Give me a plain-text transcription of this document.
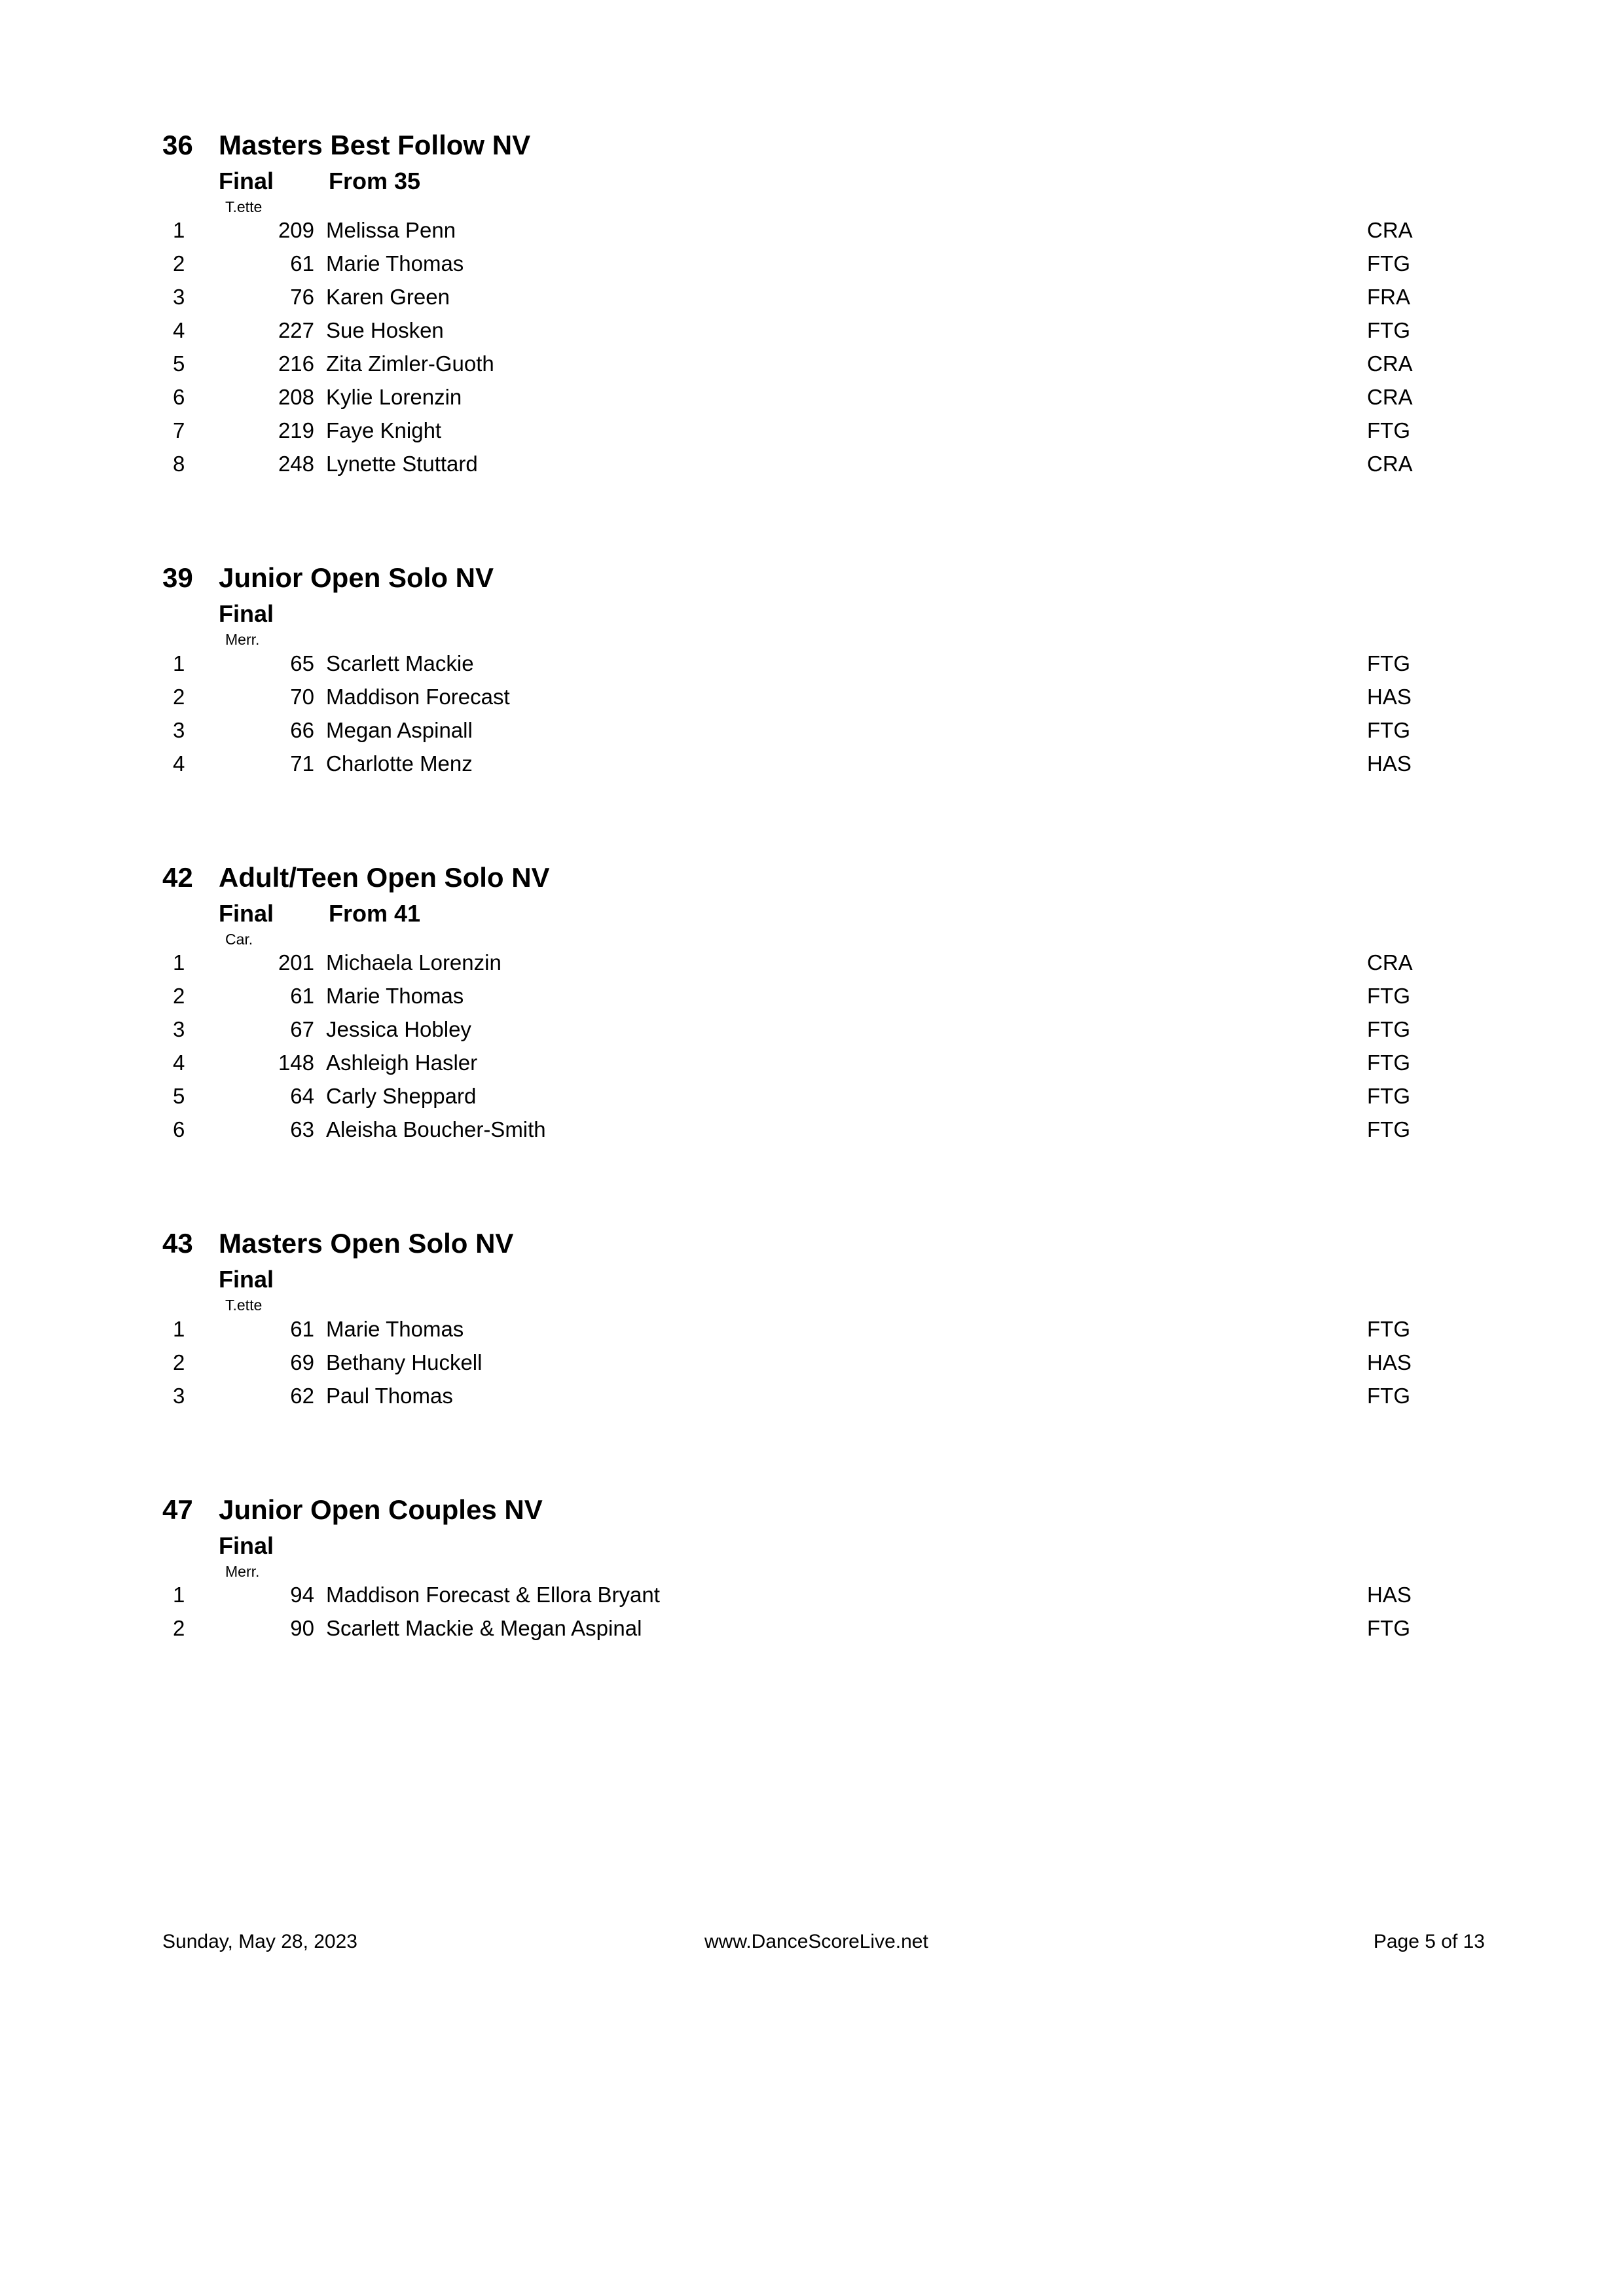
36 Masters Best Follow NV
Final	From 35
T.ette
1	209 Melissa Penn	CRA
2	61 Marie Thomas	FTG
3	76 Karen Green	FRA
4	227 Sue Hosken	FTG
5	216 Zita Zimler-Guoth	CRA
6	208 Kylie Lorenzin	CRA
7	219 Faye Knight	FTG
8	248 Lynette Stuttard	CRA
39 Junior Open Solo NV
Final
Merr.
1	65 Scarlett Mackie	FTG
2	70 Maddison Forecast	HAS
3	66 Megan Aspinall	FTG
4	71 Charlotte Menz	HAS
42 Adult/Teen Open Solo NV
Final	From 41
Car.
1	201 Michaela Lorenzin	CRA
2	61 Marie Thomas	FTG
3	67 Jessica Hobley	FTG
4	148 Ashleigh Hasler	FTG
5	64 Carly Sheppard	FTG
6	63 Aleisha Boucher-Smith	FTG
43 Masters Open Solo NV
Final
T.ette
1	61 Marie Thomas	FTG
2	69 Bethany Huckell	HAS
3	62 Paul Thomas	FTG
47 Junior Open Couples NV
Final
Merr.
1	94 Maddison Forecast & Ellora Bryant	HAS
2	90 Scarlett Mackie & Megan Aspinal	FTG
Sunday, May 28, 2023	www.DanceScoreLive.net	Page 5 of 13
